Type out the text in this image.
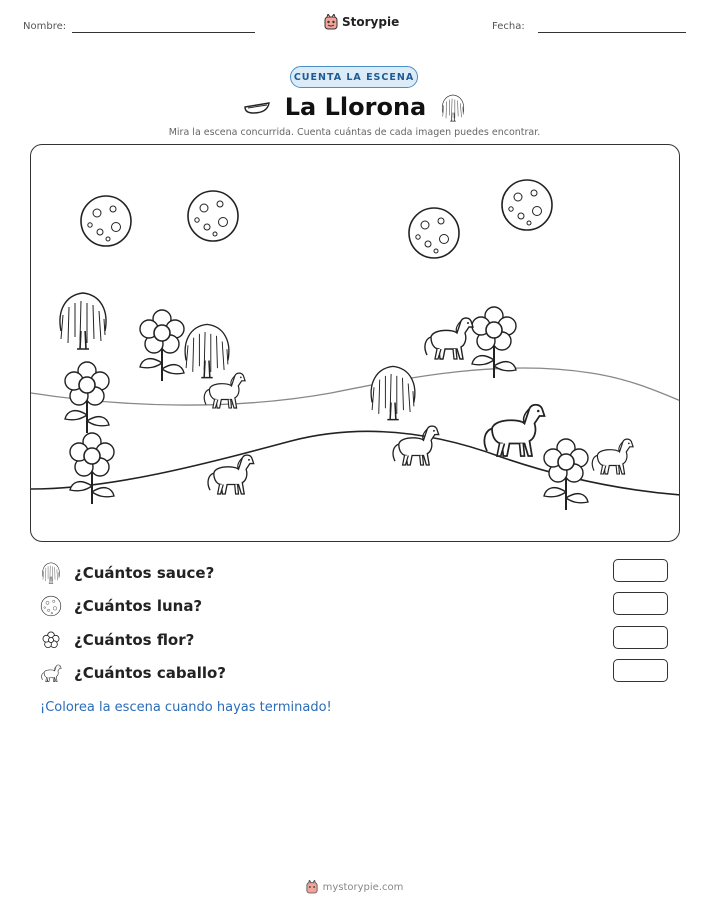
Nombre:	Storypie	Fecha:
CUENTA LA ESCENA
La Llorona
Mira la escena concurrida. Cuenta cuántas de cada imagen puedes encontrar.
¿Cuántos sauce?
¿Cuántos luna?
¿Cuántos flor?
¿Cuántos caballo?
¡Colorea la escena cuando hayas terminado!
mystorypie.com
